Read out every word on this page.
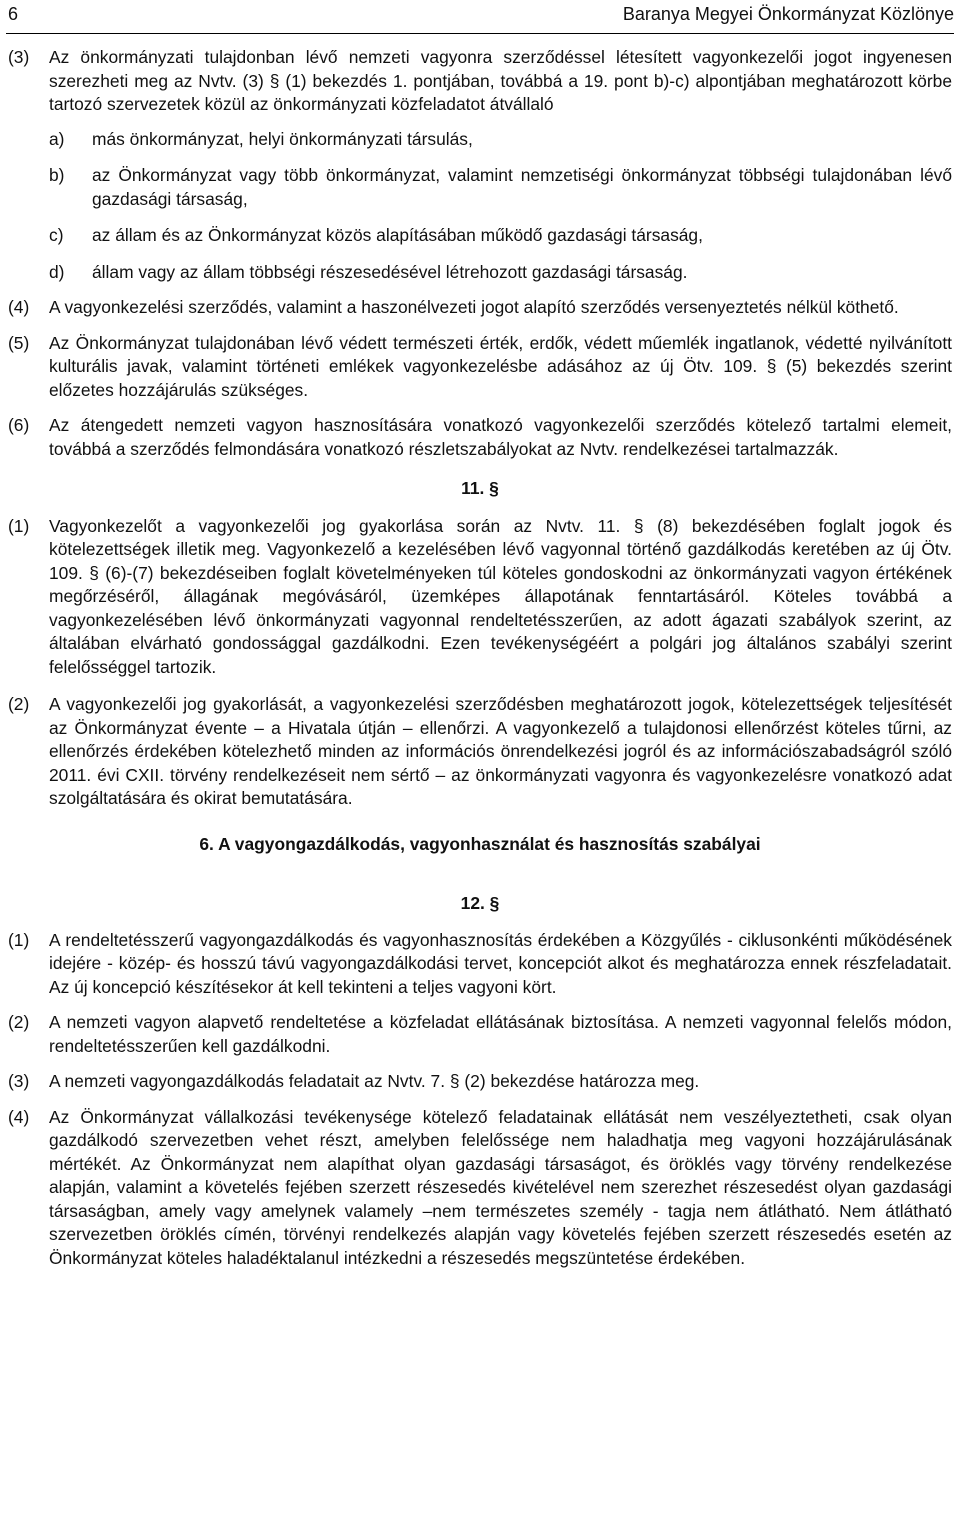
6	Baranya Megyei Önkormányzat Közlönye
(3) Az önkormányzati tulajdonban lévő nemzeti vagyonra szerződéssel létesített vagyonkezelői jogot ingyenesen szerezheti meg az Nvtv. (3) § (1) bekezdés 1. pontjában, továbbá a 19. pont b)-c) alpontjában meghatározott körbe tartozó szervezetek közül az önkormányzati közfeladatot átvállaló
a) más önkormányzat, helyi önkormányzati társulás,
b) az Önkormányzat vagy több önkormányzat, valamint nemzetiségi önkormányzat többségi tulajdonában lévő gazdasági társaság,
c) az állam és az Önkormányzat közös alapításában működő gazdasági társaság,
d) állam vagy az állam többségi részesedésével létrehozott gazdasági társaság.
(4) A vagyonkezelési szerződés, valamint a haszonélvezeti jogot alapító szerződés versenyeztetés nélkül köthető.
(5) Az Önkormányzat tulajdonában lévő védett természeti érték, erdők, védett műemlék ingatlanok, védetté nyilvánított kulturális javak, valamint történeti emlékek vagyonkezelésbe adásához az új Ötv. 109. § (5) bekezdés szerint előzetes hozzájárulás szükséges.
(6) Az átengedett nemzeti vagyon hasznosítására vonatkozó vagyonkezelői szerződés kötelező tartalmi elemeit, továbbá a szerződés felmondására vonatkozó részletszabályokat az Nvtv. rendelkezései tartalmazzák.
11. §
(1) Vagyonkezelőt a vagyonkezelői jog gyakorlása során az Nvtv. 11. § (8) bekezdésében foglalt jogok és kötelezettségek illetik meg. Vagyonkezelő a kezelésében lévő vagyonnal történő gazdálkodás keretében az új Ötv. 109. § (6)-(7) bekezdéseiben foglalt követelményeken túl köteles gondoskodni az önkormányzati vagyon értékének megőrzéséről, állagának megóvásáról, üzemképes állapotának fenntartásáról. Köteles továbbá a vagyonkezelésében lévő önkormányzati vagyonnal rendeltetésszerűen, az adott ágazati szabályok szerint, az általában elvárható gondossággal gazdálkodni. Ezen tevékenységéért a polgári jog általános szabályi szerint felelősséggel tartozik.
(2) A vagyonkezelői jog gyakorlását, a vagyonkezelési szerződésben meghatározott jogok, kötelezettségek teljesítését az Önkormányzat évente – a Hivatala útján – ellenőrzi. A vagyonkezelő a tulajdonosi ellenőrzést köteles tűrni, az ellenőrzés érdekében kötelezhető minden az információs önrendelkezési jogról és az információszabadságról szóló 2011. évi CXII. törvény rendelkezéseit nem sértő – az önkormányzati vagyonra és vagyonkezelésre vonatkozó adat szolgáltatására és okirat bemutatására.
6. A vagyongazdálkodás, vagyonhasználat és hasznosítás szabályai
12. §
(1) A rendeltetésszerű vagyongazdálkodás és vagyonhasznosítás érdekében a Közgyűlés - ciklusonkénti működésének idejére - közép- és hosszú távú vagyongazdálkodási tervet, koncepciót alkot és meghatározza ennek részfeladatait. Az új koncepció készítésekor át kell tekinteni a teljes vagyoni kört.
(2) A nemzeti vagyon alapvető rendeltetése a közfeladat ellátásának biztosítása. A nemzeti vagyonnal felelős módon, rendeltetésszerűen kell gazdálkodni.
(3) A nemzeti vagyongazdálkodás feladatait az Nvtv. 7. § (2) bekezdése határozza meg.
(4) Az Önkormányzat vállalkozási tevékenysége kötelező feladatainak ellátását nem veszélyeztetheti, csak olyan gazdálkodó szervezetben vehet részt, amelyben felelőssége nem haladhatja meg vagyoni hozzájárulásának mértékét. Az Önkormányzat nem alapíthat olyan gazdasági társaságot, és öröklés vagy törvény rendelkezése alapján, valamint a követelés fejében szerzett részesedés kivételével nem szerezhet részesedést olyan gazdasági társaságban, amely vagy amelynek valamely –nem természetes személy - tagja nem átlátható. Nem átlátható szervezetben öröklés címén, törvényi rendelkezés alapján vagy követelés fejében szerzett részesedés esetén az Önkormányzat köteles haladéktalanul intézkedni a részesedés megszüntetése érdekében.
